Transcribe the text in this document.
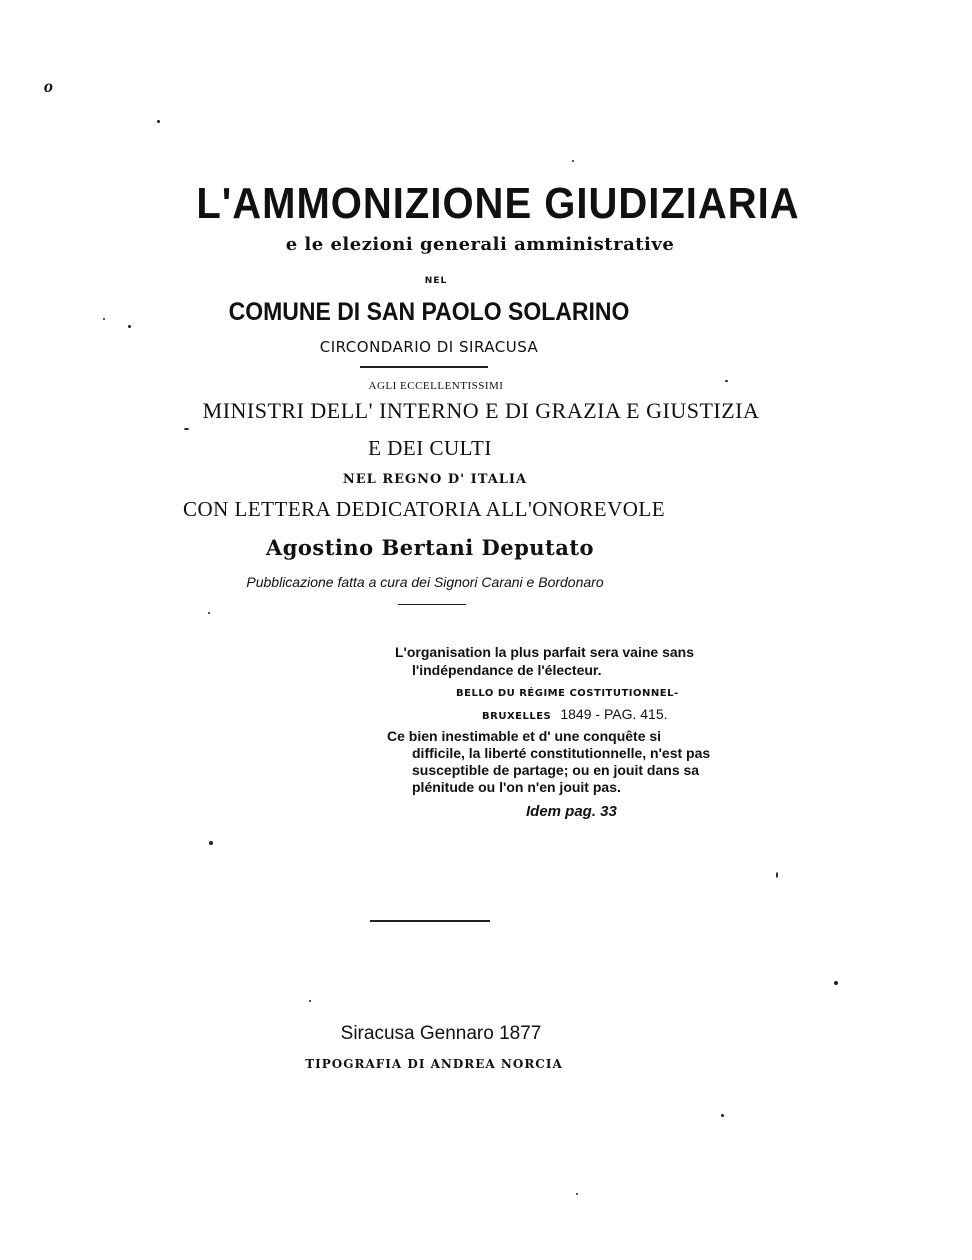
o
L'AMMONIZIONE GIUDIZIARIA
e le elezioni generali amministrative
NEL
COMUNE DI SAN PAOLO SOLARINO
CIRCONDARIO DI SIRACUSA
AGLI ECCELLENTISSIMI
MINISTRI DELL' INTERNO E DI GRAZIA E GIUSTIZIA
E DEI CULTI
NEL REGNO D' ITALIA
CON LETTERA DEDICATORIA ALL'ONOREVOLE
Agostino Bertani Deputato
Pubblicazione fatta a cura dei Signori Carani e Bordonaro
L'organisation la plus parfait sera vaine sans
l'indépendance de l'électeur.
BELLO DU RÉGIME COSTITUTIONNEL-
BRUXELLES 1849 - PAG. 415.
Ce bien inestimable et d' une conquête si
difficile, la liberté constitutionnelle, n'est pas
susceptible de partage; ou en jouit dans sa
plénitude ou l'on n'en jouit pas.
Idem pag. 33
Siracusa Gennaro 1877
TIPOGRAFIA DI ANDREA NORCIA
